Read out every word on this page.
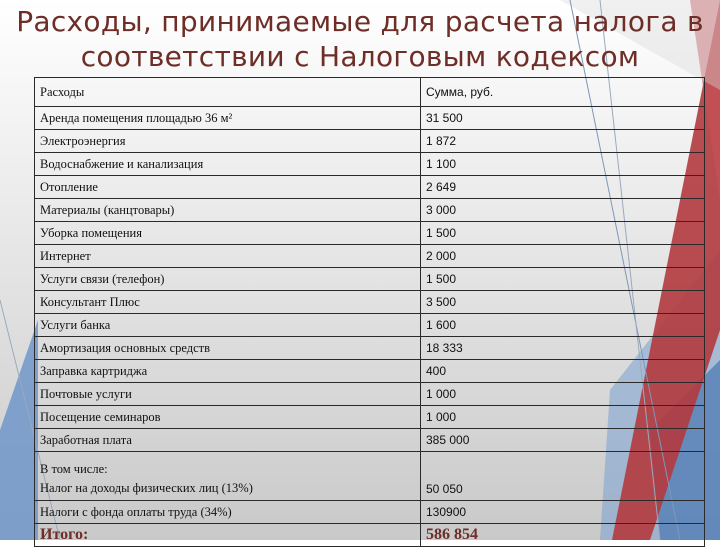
Расходы, принимаемые для расчета налога в соответствии с Налоговым кодексом
Расходы	Сумма, руб.
Аренда помещения площадью 36 м²	31 500
Электроэнергия	1 872
Водоснабжение и канализация	1 100
Отопление	2 649
Материалы (канцтовары)	3 000
Уборка помещения	1 500
Интернет	2 000
Услуги связи (телефон)	1 500
Консультант Плюс	3 500
Услуги банка	1 600
Амортизация основных средств	18 333
Заправка картриджа	400
Почтовые услуги	1 000
Посещение семинаров	1 000
Заработная плата	385 000

В том числе:
Налог на доходы физических лиц (13%)	50 050
Налоги с фонда оплаты труда (34%)	130900
Итого:	586 854
